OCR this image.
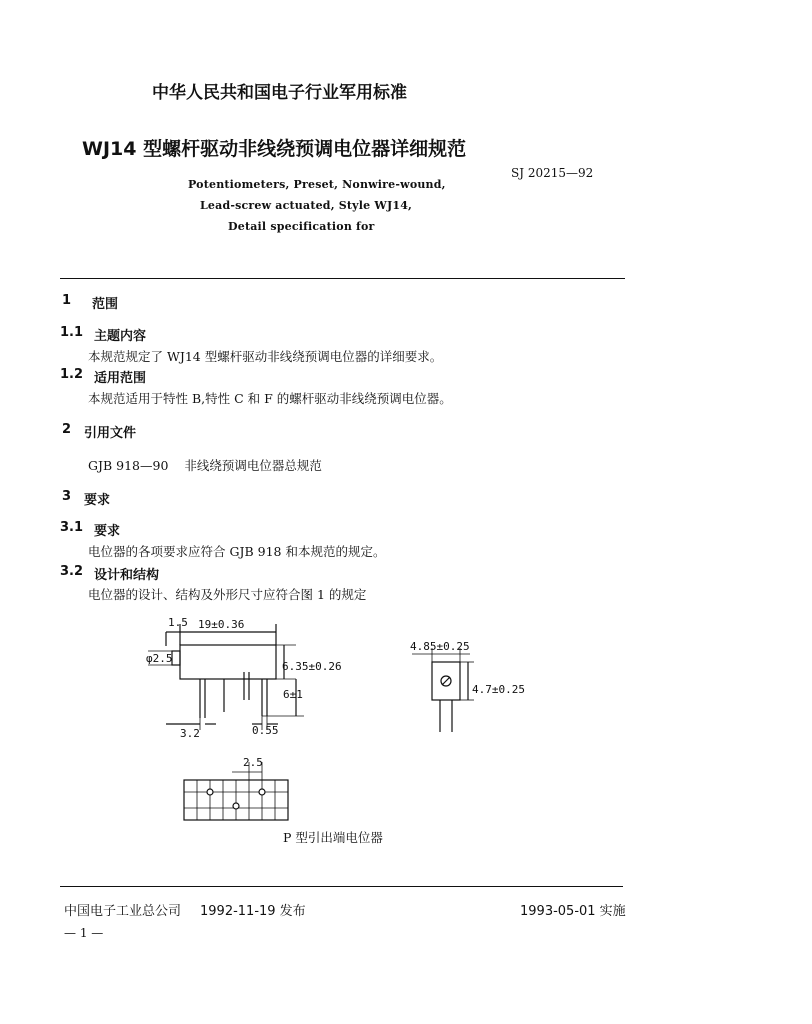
中华人民共和国电子行业军用标准
WJ14 型螺杆驱动非线绕预调电位器详细规范
SJ 20215—92
Potentiometers, Preset, Nonwire-wound,
Lead-screw actuated, Style WJ14,
Detail specification for
1 范围
1.1 主题内容
本规范规定了 WJ14 型螺杆驱动非线绕预调电位器的详细要求。
1.2 适用范围
本规范适用于特性 B,特性 C 和 F 的螺杆驱动非线绕预调电位器。
2 引用文件
GJB 918—90    非线绕预调电位器总规范
3 要求
3.1 要求
电位器的各项要求应符合 GJB 918 和本规范的规定。
3.2 设计和结构
电位器的设计、结构及外形尺寸应符合图 1 的规定
1.5 19±0.36
φ2.5
6.35±0.26
6±1
3.2	0.55
4.85±0.25
4.7±0.25
2.5
P 型引出端电位器
中国电子工业总公司 1992-11-19 发布	1993-05-01 实施
— 1 —
